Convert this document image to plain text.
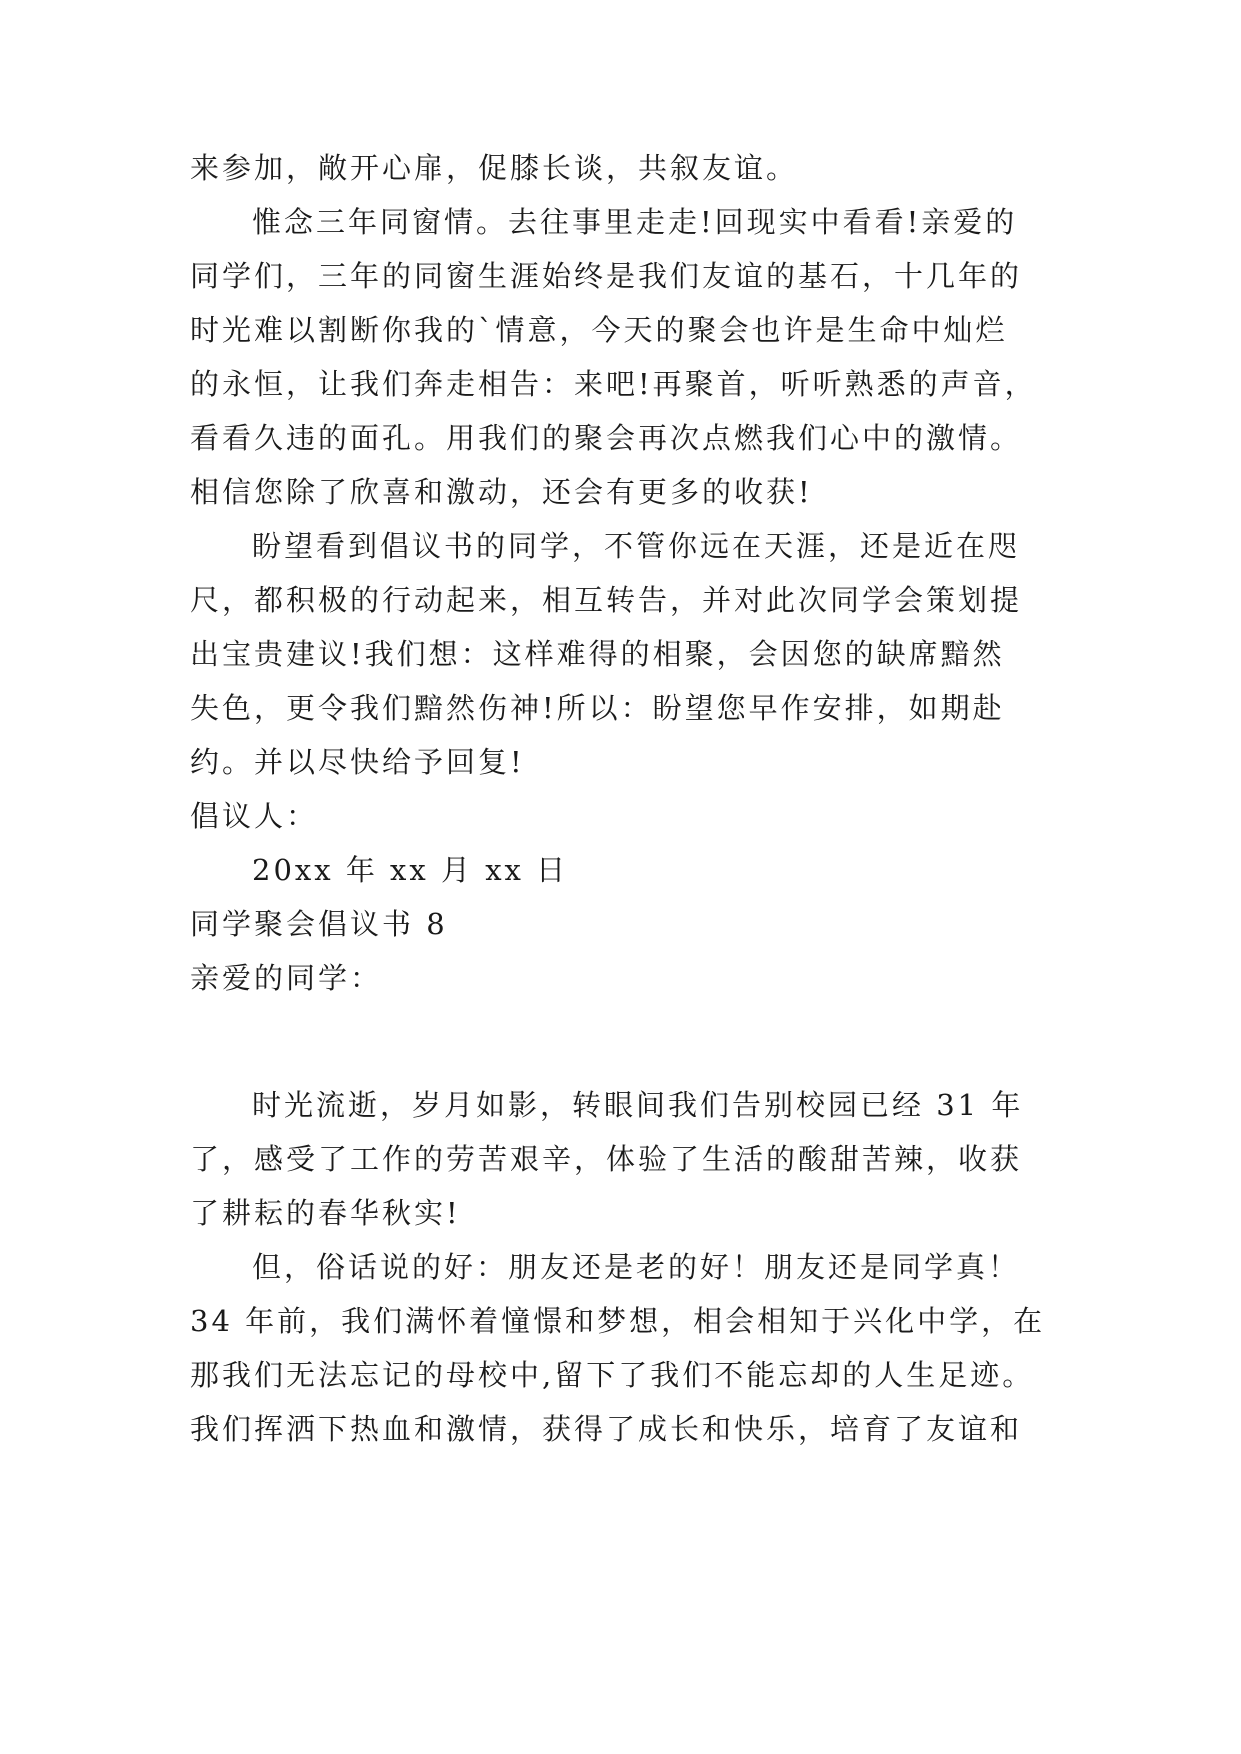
来参加，敞开心扉，促膝长谈，共叙友谊。
惟念三年同窗情。去往事里走走!回现实中看看!亲爱的
同学们，三年的同窗生涯始终是我们友谊的基石，十几年的
时光难以割断你我的`情意，今天的聚会也许是生命中灿烂
的永恒，让我们奔走相告：来吧!再聚首，听听熟悉的声音，
看看久违的面孔。用我们的聚会再次点燃我们心中的激情。
相信您除了欣喜和激动，还会有更多的收获!
盼望看到倡议书的同学，不管你远在天涯，还是近在咫
尺，都积极的行动起来，相互转告，并对此次同学会策划提
出宝贵建议!我们想：这样难得的相聚，会因您的缺席黯然
失色，更令我们黯然伤神!所以：盼望您早作安排，如期赴
约。并以尽快给予回复!
倡议人：
20xx 年 xx 月 xx 日
同学聚会倡议书 8
亲爱的同学：
时光流逝，岁月如影，转眼间我们告别校园已经 31 年
了，感受了工作的劳苦艰辛，体验了生活的酸甜苦辣，收获
了耕耘的春华秋实!
但，俗话说的好：朋友还是老的好！朋友还是同学真！
34 年前，我们满怀着憧憬和梦想，相会相知于兴化中学，在
那我们无法忘记的母校中,留下了我们不能忘却的人生足迹。
我们挥洒下热血和激情，获得了成长和快乐，培育了友谊和
